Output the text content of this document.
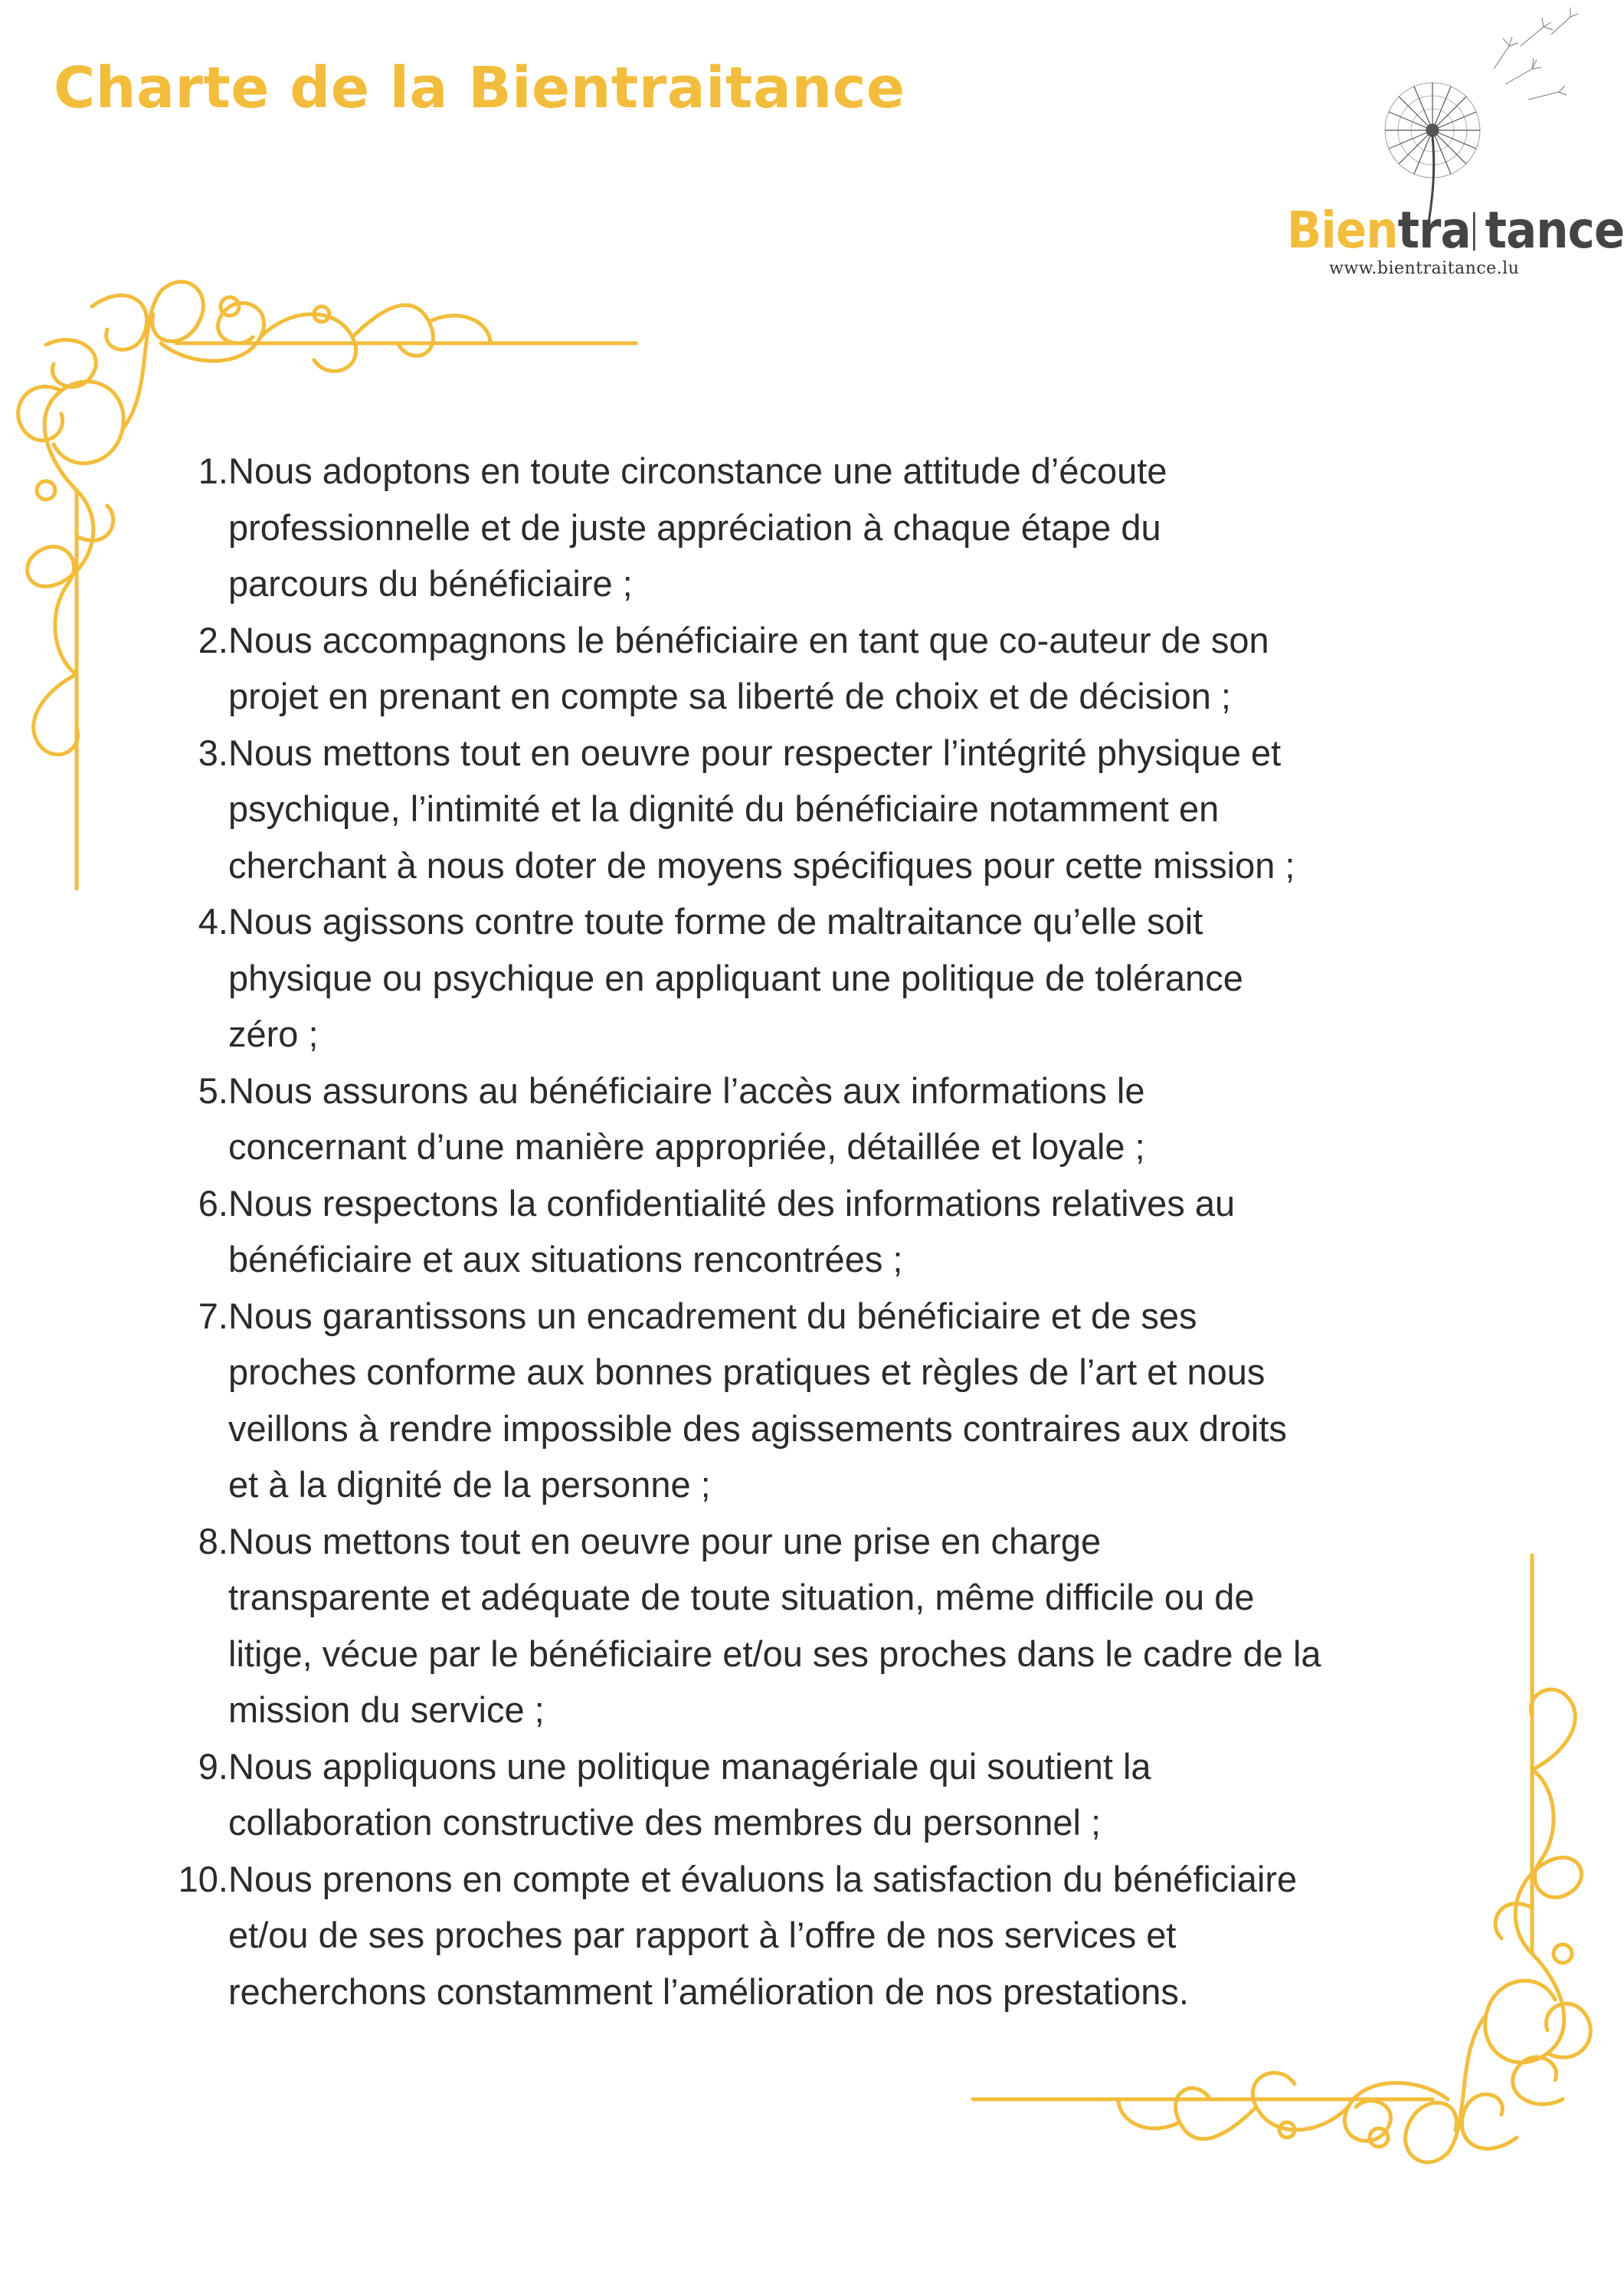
Charte de la Bientraitance
Bientra tance
www.bientraitance.lu
1. Nous adoptons en toute circonstance une attitude d’écoute
professionnelle et de juste appréciation à chaque étape du
parcours du bénéficiaire ;
2. Nous accompagnons le bénéficiaire en tant que co-auteur de son
projet en prenant en compte sa liberté de choix et de décision ;
3. Nous mettons tout en oeuvre pour respecter l’intégrité physique et
psychique, l’intimité et la dignité du bénéficiaire notamment en
cherchant à nous doter de moyens spécifiques pour cette mission ;
4. Nous agissons contre toute forme de maltraitance qu’elle soit
physique ou psychique en appliquant une politique de tolérance
zéro ;
5. Nous assurons au bénéficiaire l’accès aux informations le
concernant d’une manière appropriée, détaillée et loyale ;
6. Nous respectons la confidentialité des informations relatives au
bénéficiaire et aux situations rencontrées ;
7. Nous garantissons un encadrement du bénéficiaire et de ses
proches conforme aux bonnes pratiques et règles de l’art et nous
veillons à rendre impossible des agissements contraires aux droits
et à la dignité de la personne ;
8. Nous mettons tout en oeuvre pour une prise en charge
transparente et adéquate de toute situation, même difficile ou de
litige, vécue par le bénéficiaire et/ou ses proches dans le cadre de la
mission du service ;
9. Nous appliquons une politique managériale qui soutient la
collaboration constructive des membres du personnel ;
10. Nous prenons en compte et évaluons la satisfaction du bénéficiaire
et/ou de ses proches par rapport à l’offre de nos services et
recherchons constamment l’amélioration de nos prestations.
